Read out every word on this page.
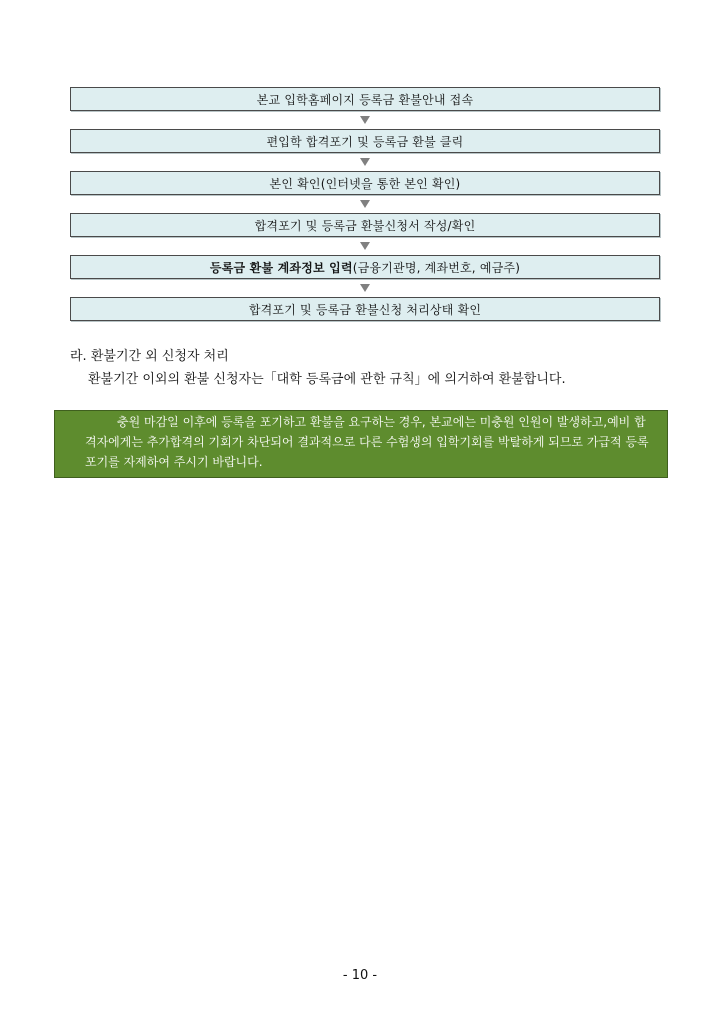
본교 입학홈페이지 등록금 환불안내 접속
편입학 합격포기 및 등록금 환불 클릭
본인 확인(인터넷을 통한 본인 확인)
합격포기 및 등록금 환불신청서 작성/확인
등록금 환불 계좌정보 입력 (금융기관명, 계좌번호, 예금주)
합격포기 및 등록금 환불신청 처리상태 확인
라. 환불기간 외 신청자 처리
환불기간 이외의 환불 신청자는「대학 등록금에 관한 규칙」에 의거하여 환불합니다.

충원 마감일 이후에 등록을 포기하고 환불을 요구하는 경우, 본교에는 미충원 인원이 발생하고,예비 합격자에게는 추가합격의 기회가 차단되어 결과적으로 다른 수험생의 입학기회를 박탈하게 되므로 가급적 등록포기를 자제하여 주시기 바랍니다.

- 10 -
